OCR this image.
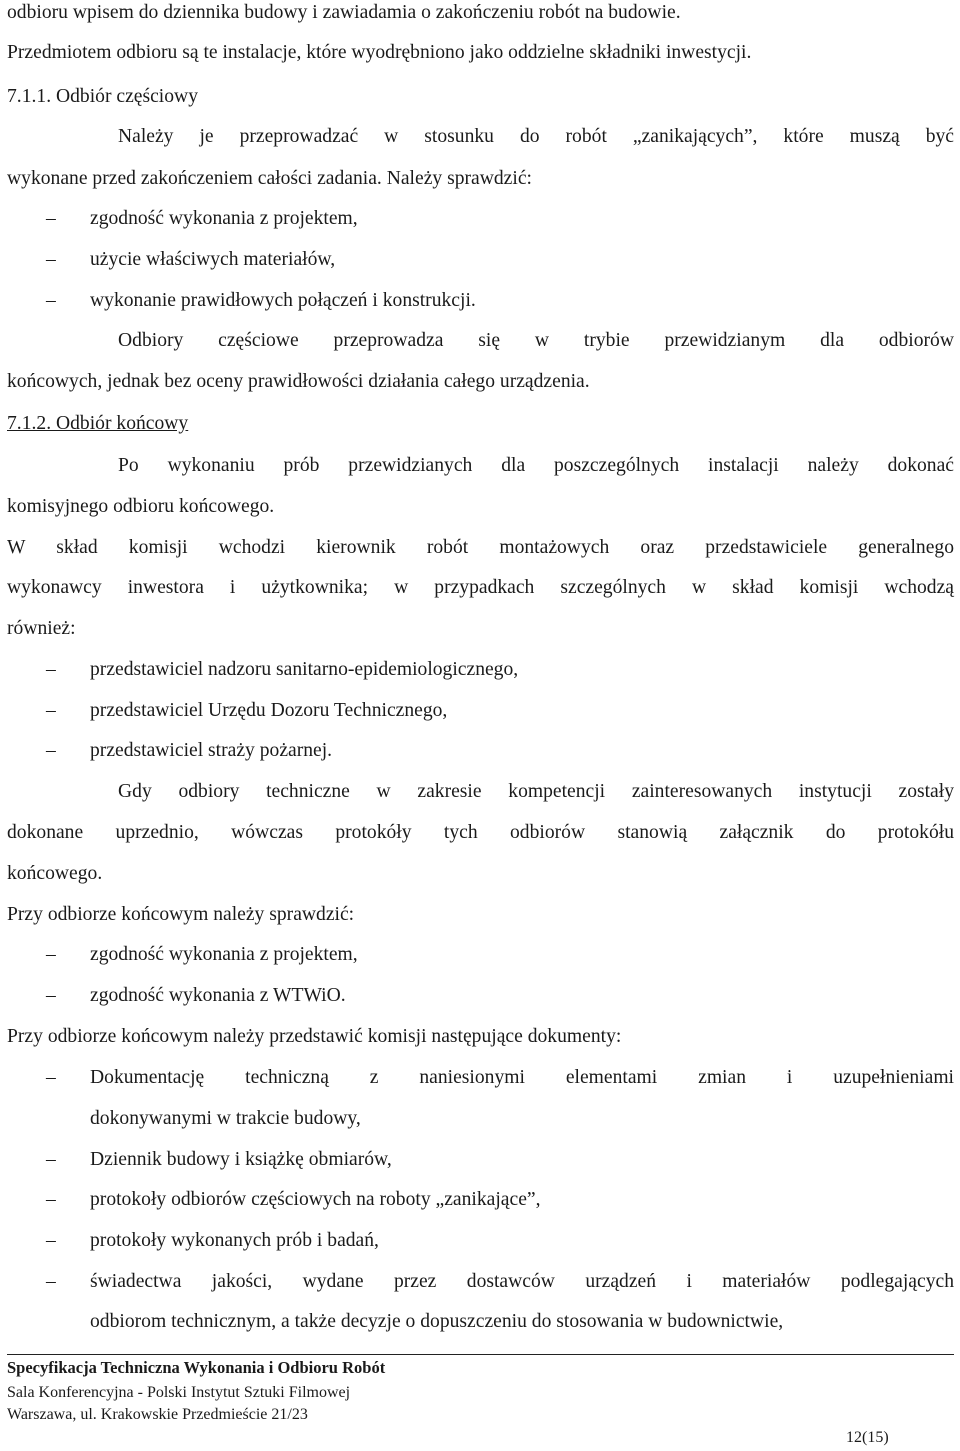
odbioru wpisem do dziennika budowy i zawiadamia o zakończeniu robót na budowie.
Przedmiotem odbioru są te instalacje, które wyodrębniono jako oddzielne składniki inwestycji.
7.1.1. Odbiór częściowy
Należy je przeprowadzać w stosunku do robót „zanikających”, które muszą być
wykonane przed zakończeniem całości zadania. Należy sprawdzić:
–	zgodność wykonania z projektem,
–	użycie właściwych materiałów,
–	wykonanie prawidłowych połączeń i konstrukcji.
Odbiory częściowe przeprowadza się w trybie przewidzianym dla odbiorów
końcowych, jednak bez oceny prawidłowości działania całego urządzenia.
7.1.2. Odbiór końcowy
Po wykonaniu prób przewidzianych dla poszczególnych instalacji należy dokonać
komisyjnego odbioru końcowego.
W skład komisji wchodzi kierownik robót montażowych oraz przedstawiciele generalnego
wykonawcy inwestora i użytkownika; w przypadkach szczególnych w skład komisji wchodzą
również:
–	przedstawiciel nadzoru sanitarno-epidemiologicznego,
–	przedstawiciel Urzędu Dozoru Technicznego,
–	przedstawiciel straży pożarnej.
Gdy odbiory techniczne w zakresie kompetencji zainteresowanych instytucji zostały
dokonane uprzednio, wówczas protokóły tych odbiorów stanowią załącznik do protokółu
końcowego.
Przy odbiorze końcowym należy sprawdzić:
–	zgodność wykonania z projektem,
–	zgodność wykonania z WTWiO.
Przy odbiorze końcowym należy przedstawić komisji następujące dokumenty:
–	Dokumentację techniczną z naniesionymi elementami zmian i uzupełnieniami
dokonywanymi w trakcie budowy,
–	Dziennik budowy i książkę obmiarów,
–	protokoły odbiorów częściowych na roboty „zanikające”,
–	protokoły wykonanych prób i badań,
–	świadectwa jakości, wydane przez dostawców urządzeń i materiałów podlegających
odbiorom technicznym, a także decyzje o dopuszczeniu do stosowania w budownictwie,
Specyfikacja Techniczna Wykonania i Odbioru Robót
Sala Konferencyjna - Polski Instytut Sztuki Filmowej
Warszawa, ul. Krakowskie Przedmieście 21/23
12(15)
